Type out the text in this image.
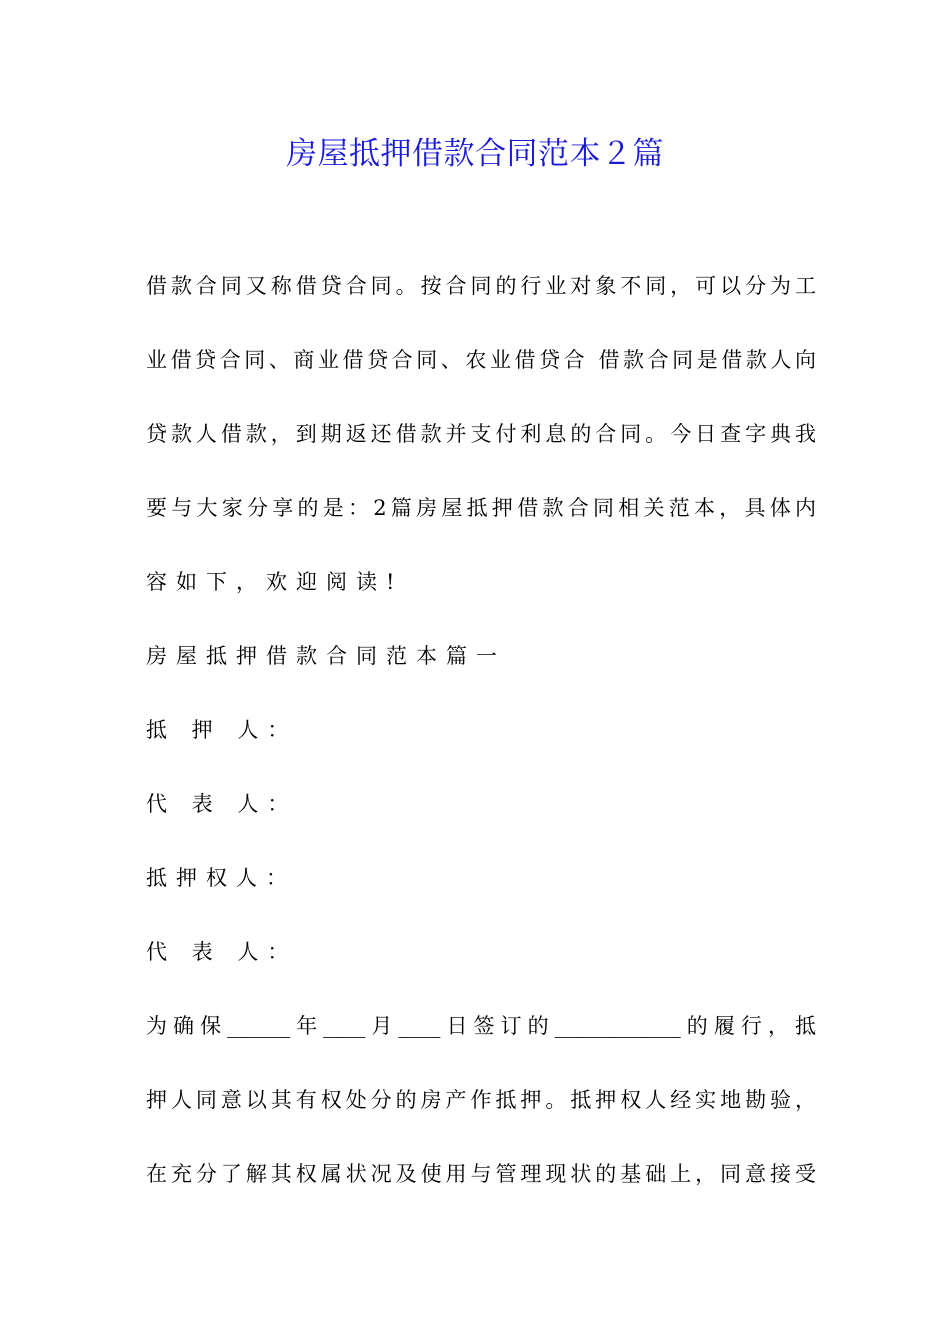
房屋抵押借款合同范本２篇
借款合同又称借贷合同。按合同的行业对象不同，可以分为工
业借贷合同、商业借贷合同、农业借贷合 借款合同是借款人向
贷款人借款，到期返还借款并支付利息的合同。今日查字典我
要与大家分享的是：2篇房屋抵押借款合同相关范本，具体内
容如下，欢迎阅读!
房屋抵押借款合同范本篇一
抵 押 人：
代 表 人：
抵押权人：
代 表 人：
为确保______年____月____日签订的____________的履行，抵
押人同意以其有权处分的房产作抵押。抵押权人经实地勘验，
在充分了解其权属状况及使用与管理现状的基础上，同意接受
